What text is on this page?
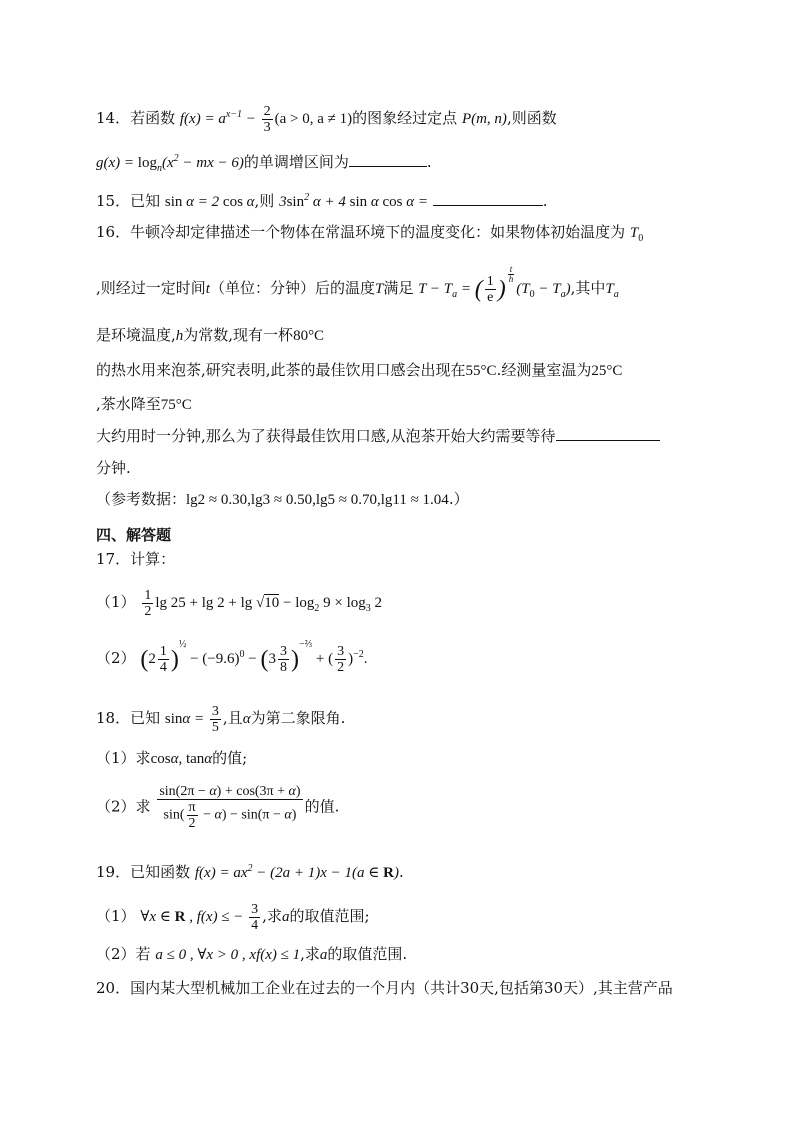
14．若函数 $f(x) = a^{x-1} - \frac{2}{3} (a > 0$, a ≠ 1)的图象经过定点 P(m, n),则函数
$g(x) = \log_n(x^2$ − mx − 6)的单调增区间为	.
15．已知 sin α = 2 cos α,则 $3\sin^2$ α + 4 sin α cos α =	.
16．牛顿冷却定律描述一个物体在常温环境下的温度变化：如果物体初始温度为 $T_0$
,则经过一定时间t（单位：分钟）后的温度T满足 $T - T_a$ = ( $\frac{1}{e}$ )
$^{\frac{t}{h}}$
$(T_0 - T_a)$,其中$T_a$
是环境温度,h为常数,现有一杯80°C
的热水用来泡茶,研究表明,此茶的最佳饮用口感会出现在55°C.经测量室温为25°C
,茶水降至75°C
大约用时一分钟,那么为了获得最佳饮用口感,从泡茶开始大约需要等待
分钟.
（参考数据：lg2 ≈ 0.30,lg3 ≈ 0.50,lg5 ≈ 0.70,lg11 ≈ 1.04.）
四、解答题
17．计算：
$(1) \frac{1}{2}$ $\lg 25 + \lg 2 + \lg √10 - \log_2 9 \times \log_3 2$
（2） $(2 \frac{1}{4} )^{\frac{1}{2}} - (-9.6)^0 - (3 \frac{3}{8} )^{-\frac{2}{3}}$ + ( $\frac{3}{2} )^{-2}$.
18．已知 $\sin\alpha = \frac{3}{5}$ ,且α为第二象限角.
（1）求cosα, tanα的值;
（2）求 $\frac{\sin(2\pi - \alpha) + \cos(3\pi + \alpha)}{\sin( \frac{\pi}{2} - \alpha) - \sin(\pi - \alpha)}$ 的值.
19．已知函数 $f(x) = ax^2 - (2a + 1)x - 1(a$ ∈ R).
（1） ∀x ∈ R , f(x) ≤ − $\frac{3}{4}$ ,求a的取值范围;
（2）若 a ≤ 0 , ∀x > 0 , xf(x) ≤ 1,求a的取值范围.
20．国内某大型机械加工企业在过去的一个月内（共计30天,包括第30天）,其主营产品
